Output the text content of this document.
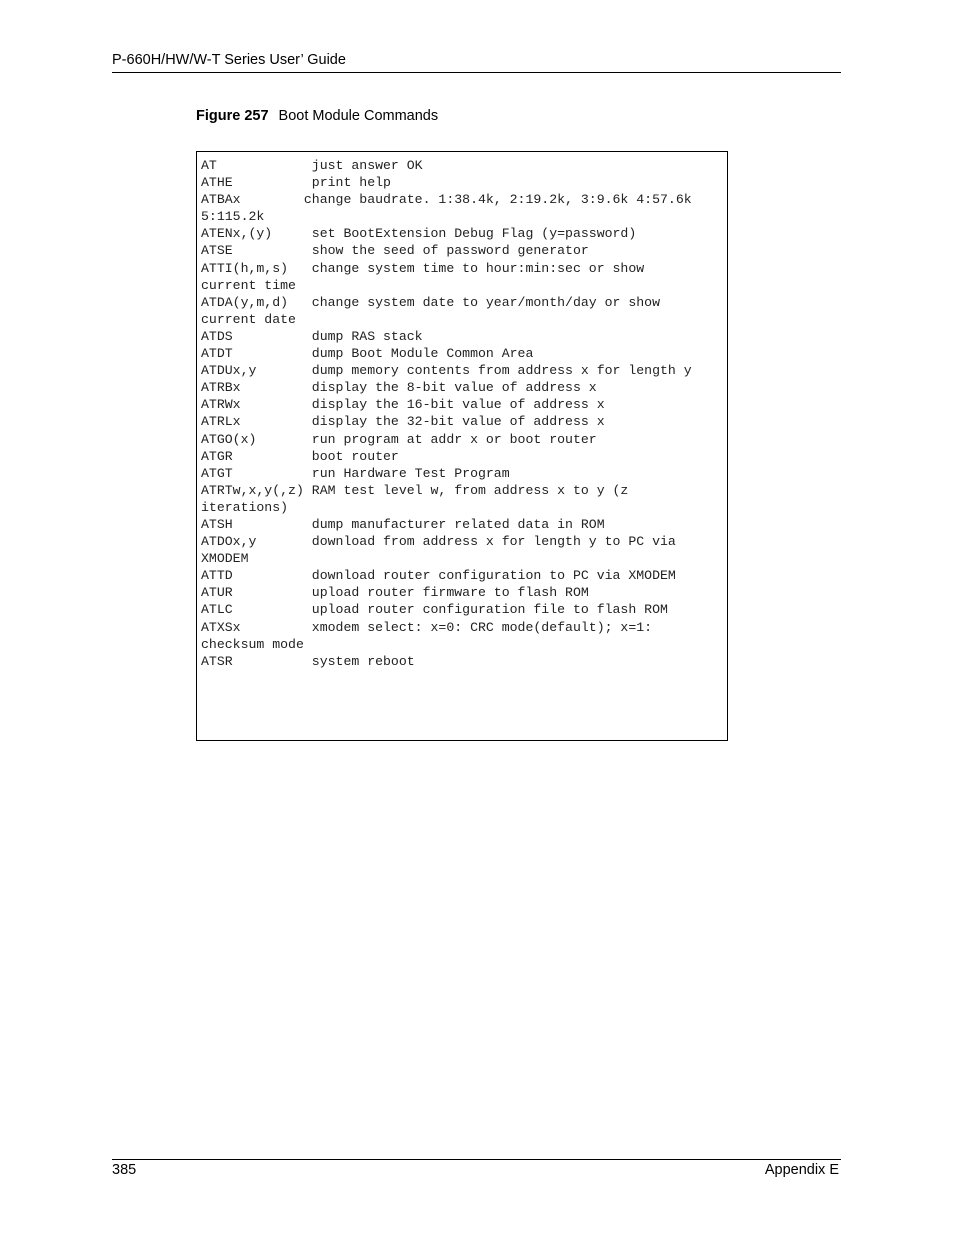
P-660H/HW/W-T Series User’ Guide
Figure 257 Boot Module Commands
AT            just answer OK
ATHE          print help
ATBAx        change baudrate. 1:38.4k, 2:19.2k, 3:9.6k 4:57.6k
5:115.2k
ATENx,(y)     set BootExtension Debug Flag (y=password)
ATSE          show the seed of password generator
ATTI(h,m,s)   change system time to hour:min:sec or show
current time
ATDA(y,m,d)   change system date to year/month/day or show
current date
ATDS          dump RAS stack
ATDT          dump Boot Module Common Area
ATDUx,y       dump memory contents from address x for length y
ATRBx         display the 8-bit value of address x
ATRWx         display the 16-bit value of address x
ATRLx         display the 32-bit value of address x
ATGO(x)       run program at addr x or boot router
ATGR          boot router
ATGT          run Hardware Test Program
ATRTw,x,y(,z) RAM test level w, from address x to y (z
iterations)
ATSH          dump manufacturer related data in ROM
ATDOx,y       download from address x for length y to PC via
XMODEM
ATTD          download router configuration to PC via XMODEM
ATUR          upload router firmware to flash ROM
ATLC          upload router configuration file to flash ROM
ATXSx         xmodem select: x=0: CRC mode(default); x=1:
checksum mode
ATSR          system reboot
385	Appendix E
